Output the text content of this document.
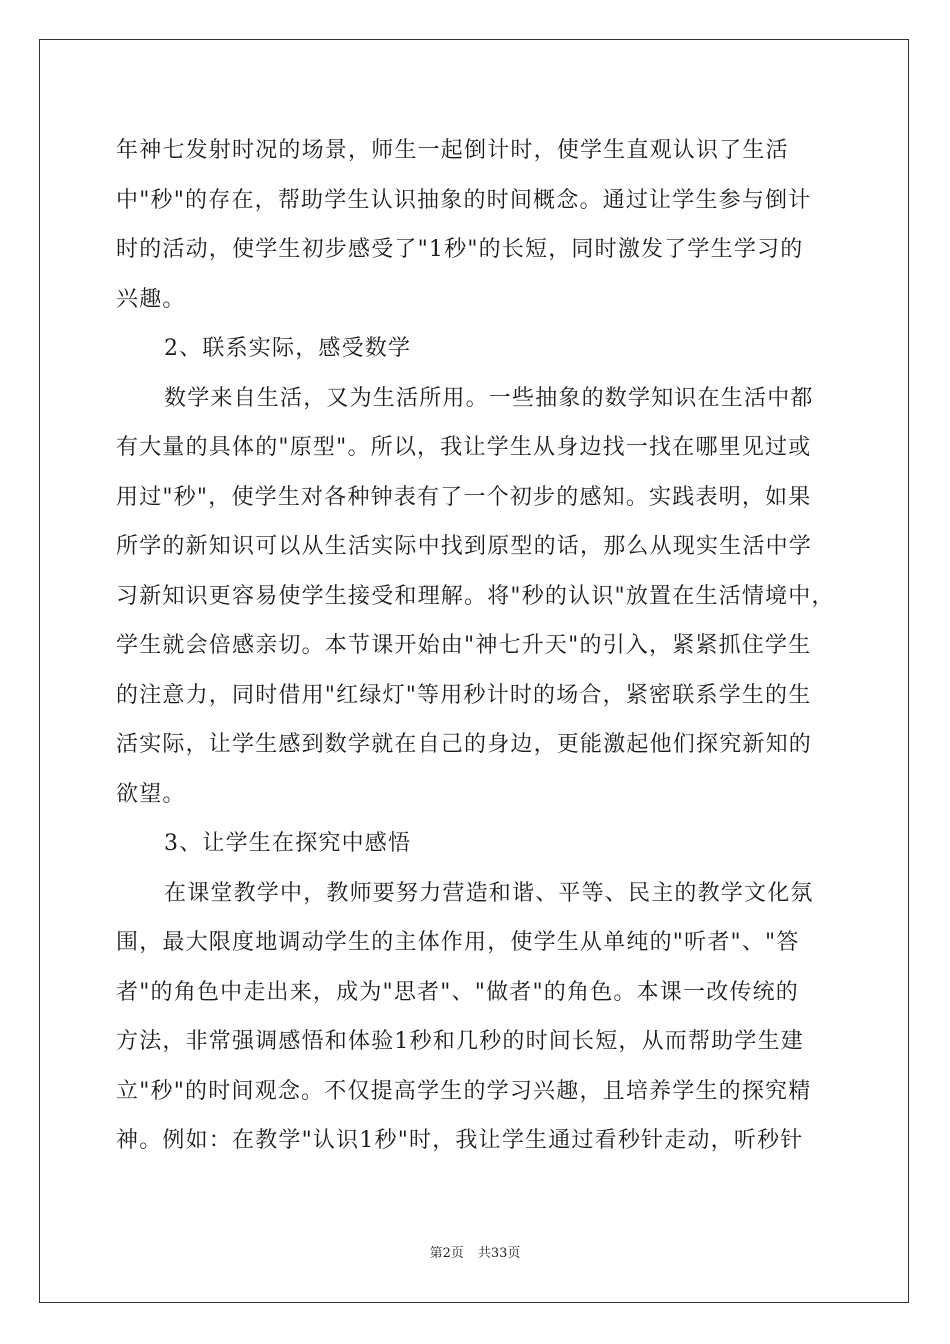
年神七发射时况的场景，师生一起倒计时，使学生直观认识了生活
中"秒"的存在，帮助学生认识抽象的时间概念。通过让学生参与倒计
时的活动，使学生初步感受了"1秒"的长短，同时激发了学生学习的
兴趣。
2、联系实际，感受数学
数学来自生活，又为生活所用。一些抽象的数学知识在生活中都
有大量的具体的"原型"。所以，我让学生从身边找一找在哪里见过或
用过"秒"，使学生对各种钟表有了一个初步的感知。实践表明，如果
所学的新知识可以从生活实际中找到原型的话，那么从现实生活中学
习新知识更容易使学生接受和理解。将"秒的认识"放置在生活情境中，
学生就会倍感亲切。本节课开始由"神七升天"的引入，紧紧抓住学生
的注意力，同时借用"红绿灯"等用秒计时的场合，紧密联系学生的生
活实际，让学生感到数学就在自己的身边，更能激起他们探究新知的
欲望。
3、让学生在探究中感悟
在课堂教学中，教师要努力营造和谐、平等、民主的教学文化氛
围，最大限度地调动学生的主体作用，使学生从单纯的"听者"、"答
者"的角色中走出来，成为"思者"、"做者"的角色。本课一改传统的
方法，非常强调感悟和体验1秒和几秒的时间长短，从而帮助学生建
立"秒"的时间观念。不仅提高学生的学习兴趣，且培养学生的探究精
神。例如：在教学"认识1秒"时，我让学生通过看秒针走动，听秒针
第2页 共33页
